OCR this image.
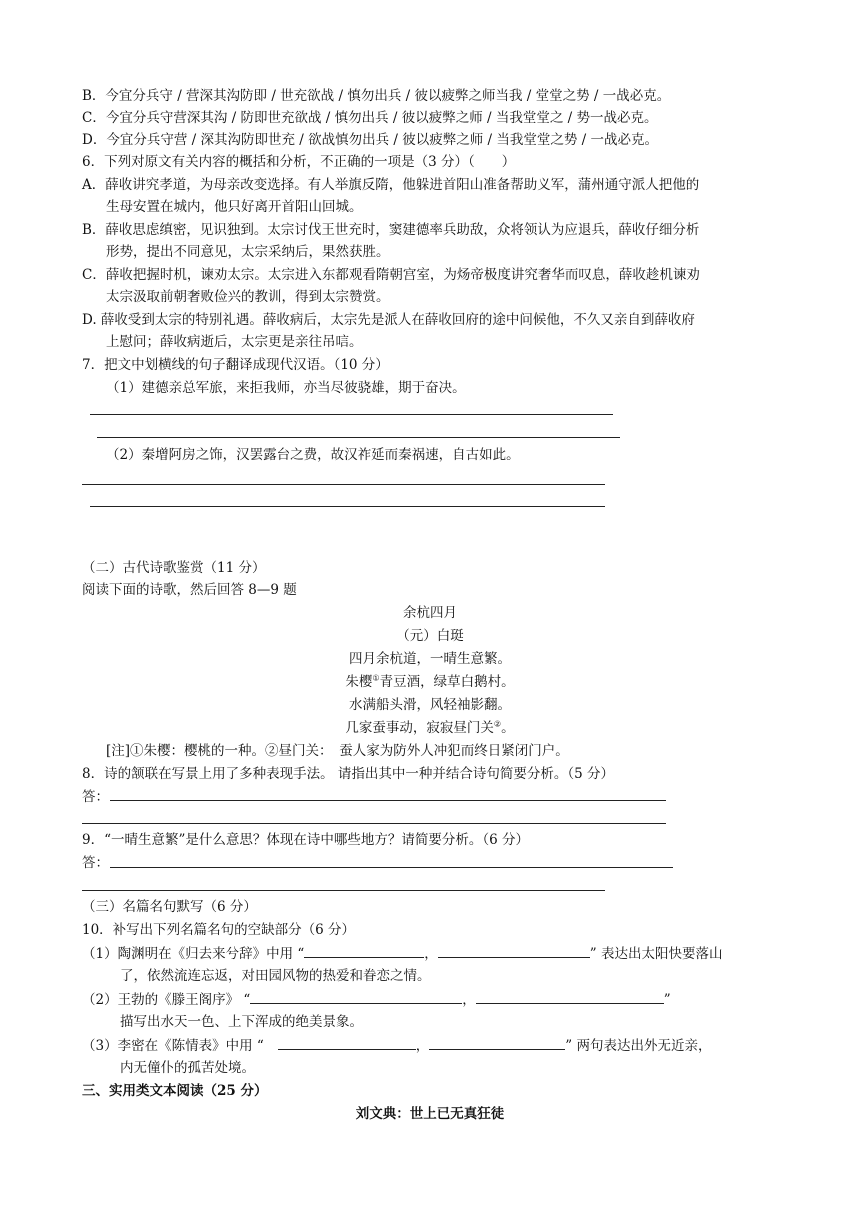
B．今宜分兵守 / 营深其沟防即 / 世充欲战 / 慎勿出兵 / 彼以疲弊之师当我 / 堂堂之势 / 一战必克。
C．今宜分兵守营深其沟 / 防即世充欲战 / 慎勿出兵 / 彼以疲弊之师 / 当我堂堂之 / 势一战必克。
D．今宜分兵守营 / 深其沟防即世充 / 欲战慎勿出兵 / 彼以疲弊之师 / 当我堂堂之势 / 一战必克。
6．下列对原文有关内容的概括和分析，不正确的一项是（3 分）（　　）
A．薛收讲究孝道，为母亲改变选择。有人举旗反隋，他躲进首阳山准备帮助义军，蒲州通守派人把他的
生母安置在城内，他只好离开首阳山回城。
B．薛收思虑缜密，见识独到。太宗讨伐王世充时，窦建德率兵助敌，众将领认为应退兵，薛收仔细分析
形势，提出不同意见，太宗采纳后，果然获胜。
C．薛收把握时机，谏劝太宗。太宗进入东都观看隋朝宫室，为炀帝极度讲究奢华而叹息，薛收趁机谏劝
太宗汲取前朝奢败俭兴的教训，得到太宗赞赏。
D. 薛收受到太宗的特别礼遇。薛收病后，太宗先是派人在薛收回府的途中问候他，不久又亲自到薛收府
上慰问；薛收病逝后，太宗更是亲往吊唁。
7．把文中划横线的句子翻译成现代汉语。（10 分）
（1）建德亲总军旅，来拒我师，亦当尽彼骁雄，期于奋决。
（2）秦增阿房之饰，汉罢露台之费，故汉祚延而秦祸速，自古如此。
（二）古代诗歌鉴赏（11 分）
阅读下面的诗歌，然后回答 8—9 题
余杭四月
（元）白珽
四月余杭道，一晴生意繁。
朱樱①青豆酒，绿草白鹅村。
水满船头滑，风轻袖影翻。
几家蚕事动，寂寂昼门关②。
[注]①朱樱：樱桃的一种。②昼门关：　蚕人家为防外人冲犯而终日紧闭门户。
8．诗的颔联在写景上用了多种表现手法。 请指出其中一种并结合诗句简要分析。（5 分）
答：
9．“一晴生意繁”是什么意思？体现在诗中哪些地方？请简要分析。（6 分）
答：
（三）名篇名句默写（6 分）
10．补写出下列名篇名句的空缺部分（6 分）
（1）陶渊明在《归去来兮辞》中用 “	，	” 表达出太阳快要落山
了，依然流连忘返，对田园风物的热爱和眷恋之情。
（2）王勃的《滕王阁序》 “	，	”
描写出水天一色、上下浑成的绝美景象。
（3）李密在《陈情表》中用 “	，	” 两句表达出外无近亲，
内无僮仆的孤苦处境。
三、实用类文本阅读（25 分）
刘文典：世上已无真狂徒
